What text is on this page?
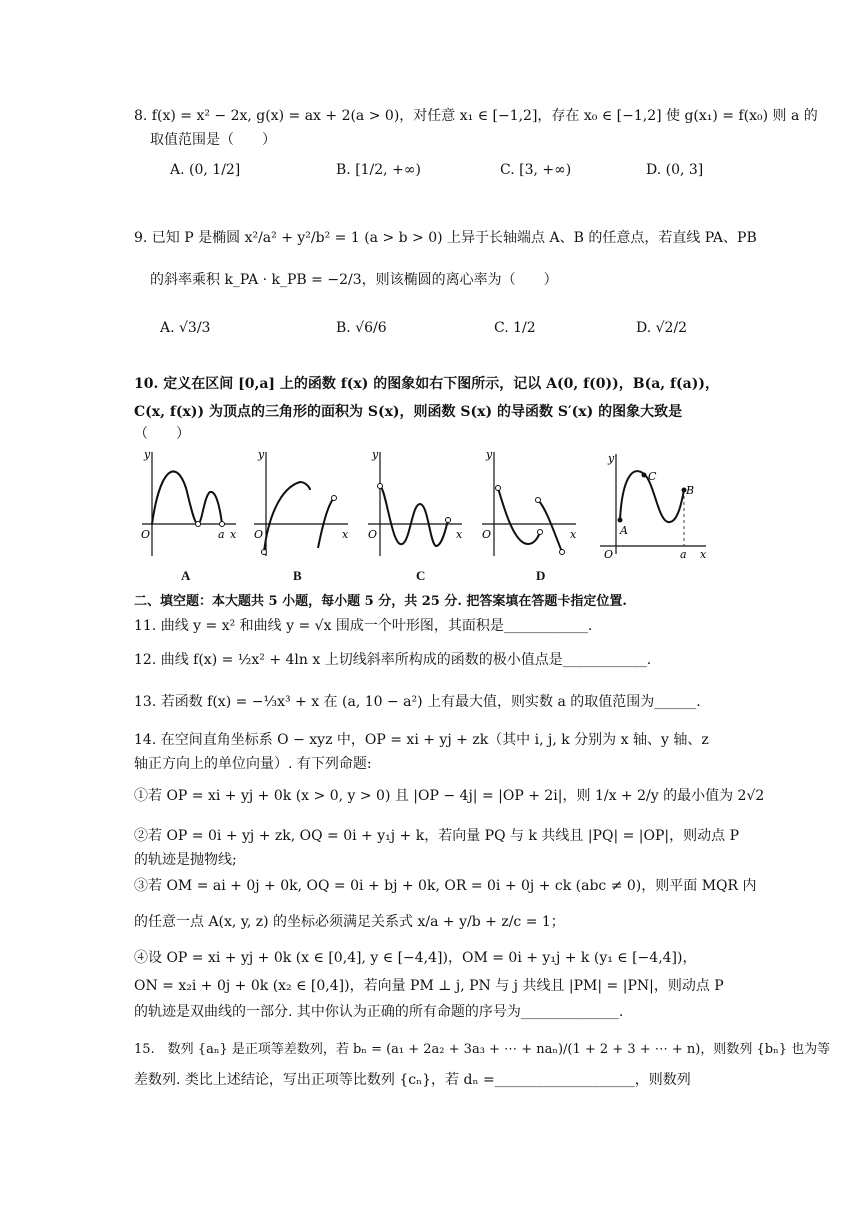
8. f(x) = x² − 2x, g(x) = ax + 2(a > 0)，对任意 x₁ ∈ [−1,2]，存在 x₀ ∈ [−1,2] 使 g(x₁) = f(x₀) 则 a 的
取值范围是（　　）
A. (0, 1/2]	B. [1/2, +∞)	C. [3, +∞)	D. (0, 3]
9. 已知 P 是椭圆 x²/a² + y²/b² = 1 (a > b > 0) 上异于长轴端点 A、B 的任意点，若直线 PA、PB
的斜率乘积 k_PA · k_PB = −2/3，则该椭圆的离心率为（　　）
A. √3/3	B. √6/6	C. 1/2	D. √2/2
10. 定义在区间 [0,a] 上的函数 f(x) 的图象如右下图所示，记以 A(0, f(0))，B(a, f(a))，
C(x, f(x)) 为顶点的三角形的面积为 S(x)，则函数 S(x) 的导函数 S′(x) 的图象大致是
（　　）
y
O	a x
y
O	x
y
O	x
y
O	x
y
A
C
B
O	a x
A	B	C	D
二、填空题：本大题共 5 小题，每小题 5 分，共 25 分. 把答案填在答题卡指定位置.
11. 曲线 y = x² 和曲线 y = √x 围成一个叶形图，其面积是____________.
12. 曲线 f(x) = ½x² + 4ln x 上切线斜率所构成的函数的极小值点是____________.
13. 若函数 f(x) = −⅓x³ + x 在 (a, 10 − a²) 上有最大值，则实数 a 的取值范围为______.
14. 在空间直角坐标系 O − xyz 中，OP = xi + yj + zk（其中 i, j, k 分别为 x 轴、y 轴、z
轴正方向上的单位向量）. 有下列命题:
①若 OP = xi + yj + 0k (x > 0, y > 0) 且 |OP − 4j| = |OP + 2i|，则 1/x + 2/y 的最小值为 2√2
②若 OP = 0i + yj + zk, OQ = 0i + y₁j + k，若向量 PQ 与 k 共线且 |PQ| = |OP|，则动点 P
的轨迹是抛物线;
③若 OM = ai + 0j + 0k, OQ = 0i + bj + 0k, OR = 0i + 0j + ck (abc ≠ 0)，则平面 MQR 内
的任意一点 A(x, y, z) 的坐标必须满足关系式 x/a + y/b + z/c = 1；
④设 OP = xi + yj + 0k (x ∈ [0,4], y ∈ [−4,4])，OM = 0i + y₁j + k (y₁ ∈ [−4,4])，
ON = x₂i + 0j + 0k (x₂ ∈ [0,4])，若向量 PM ⊥ j, PN 与 j 共线且 |PM| = |PN|，则动点 P
的轨迹是双曲线的一部分. 其中你认为正确的所有命题的序号为______________.
15.　数列 {aₙ} 是正项等差数列，若 bₙ = (a₁ + 2a₂ + 3a₃ + ⋯ + naₙ)/(1 + 2 + 3 + ⋯ + n)，则数列 {bₙ} 也为等
差数列. 类比上述结论，写出正项等比数列 {cₙ}，若 dₙ =____________________，则数列
